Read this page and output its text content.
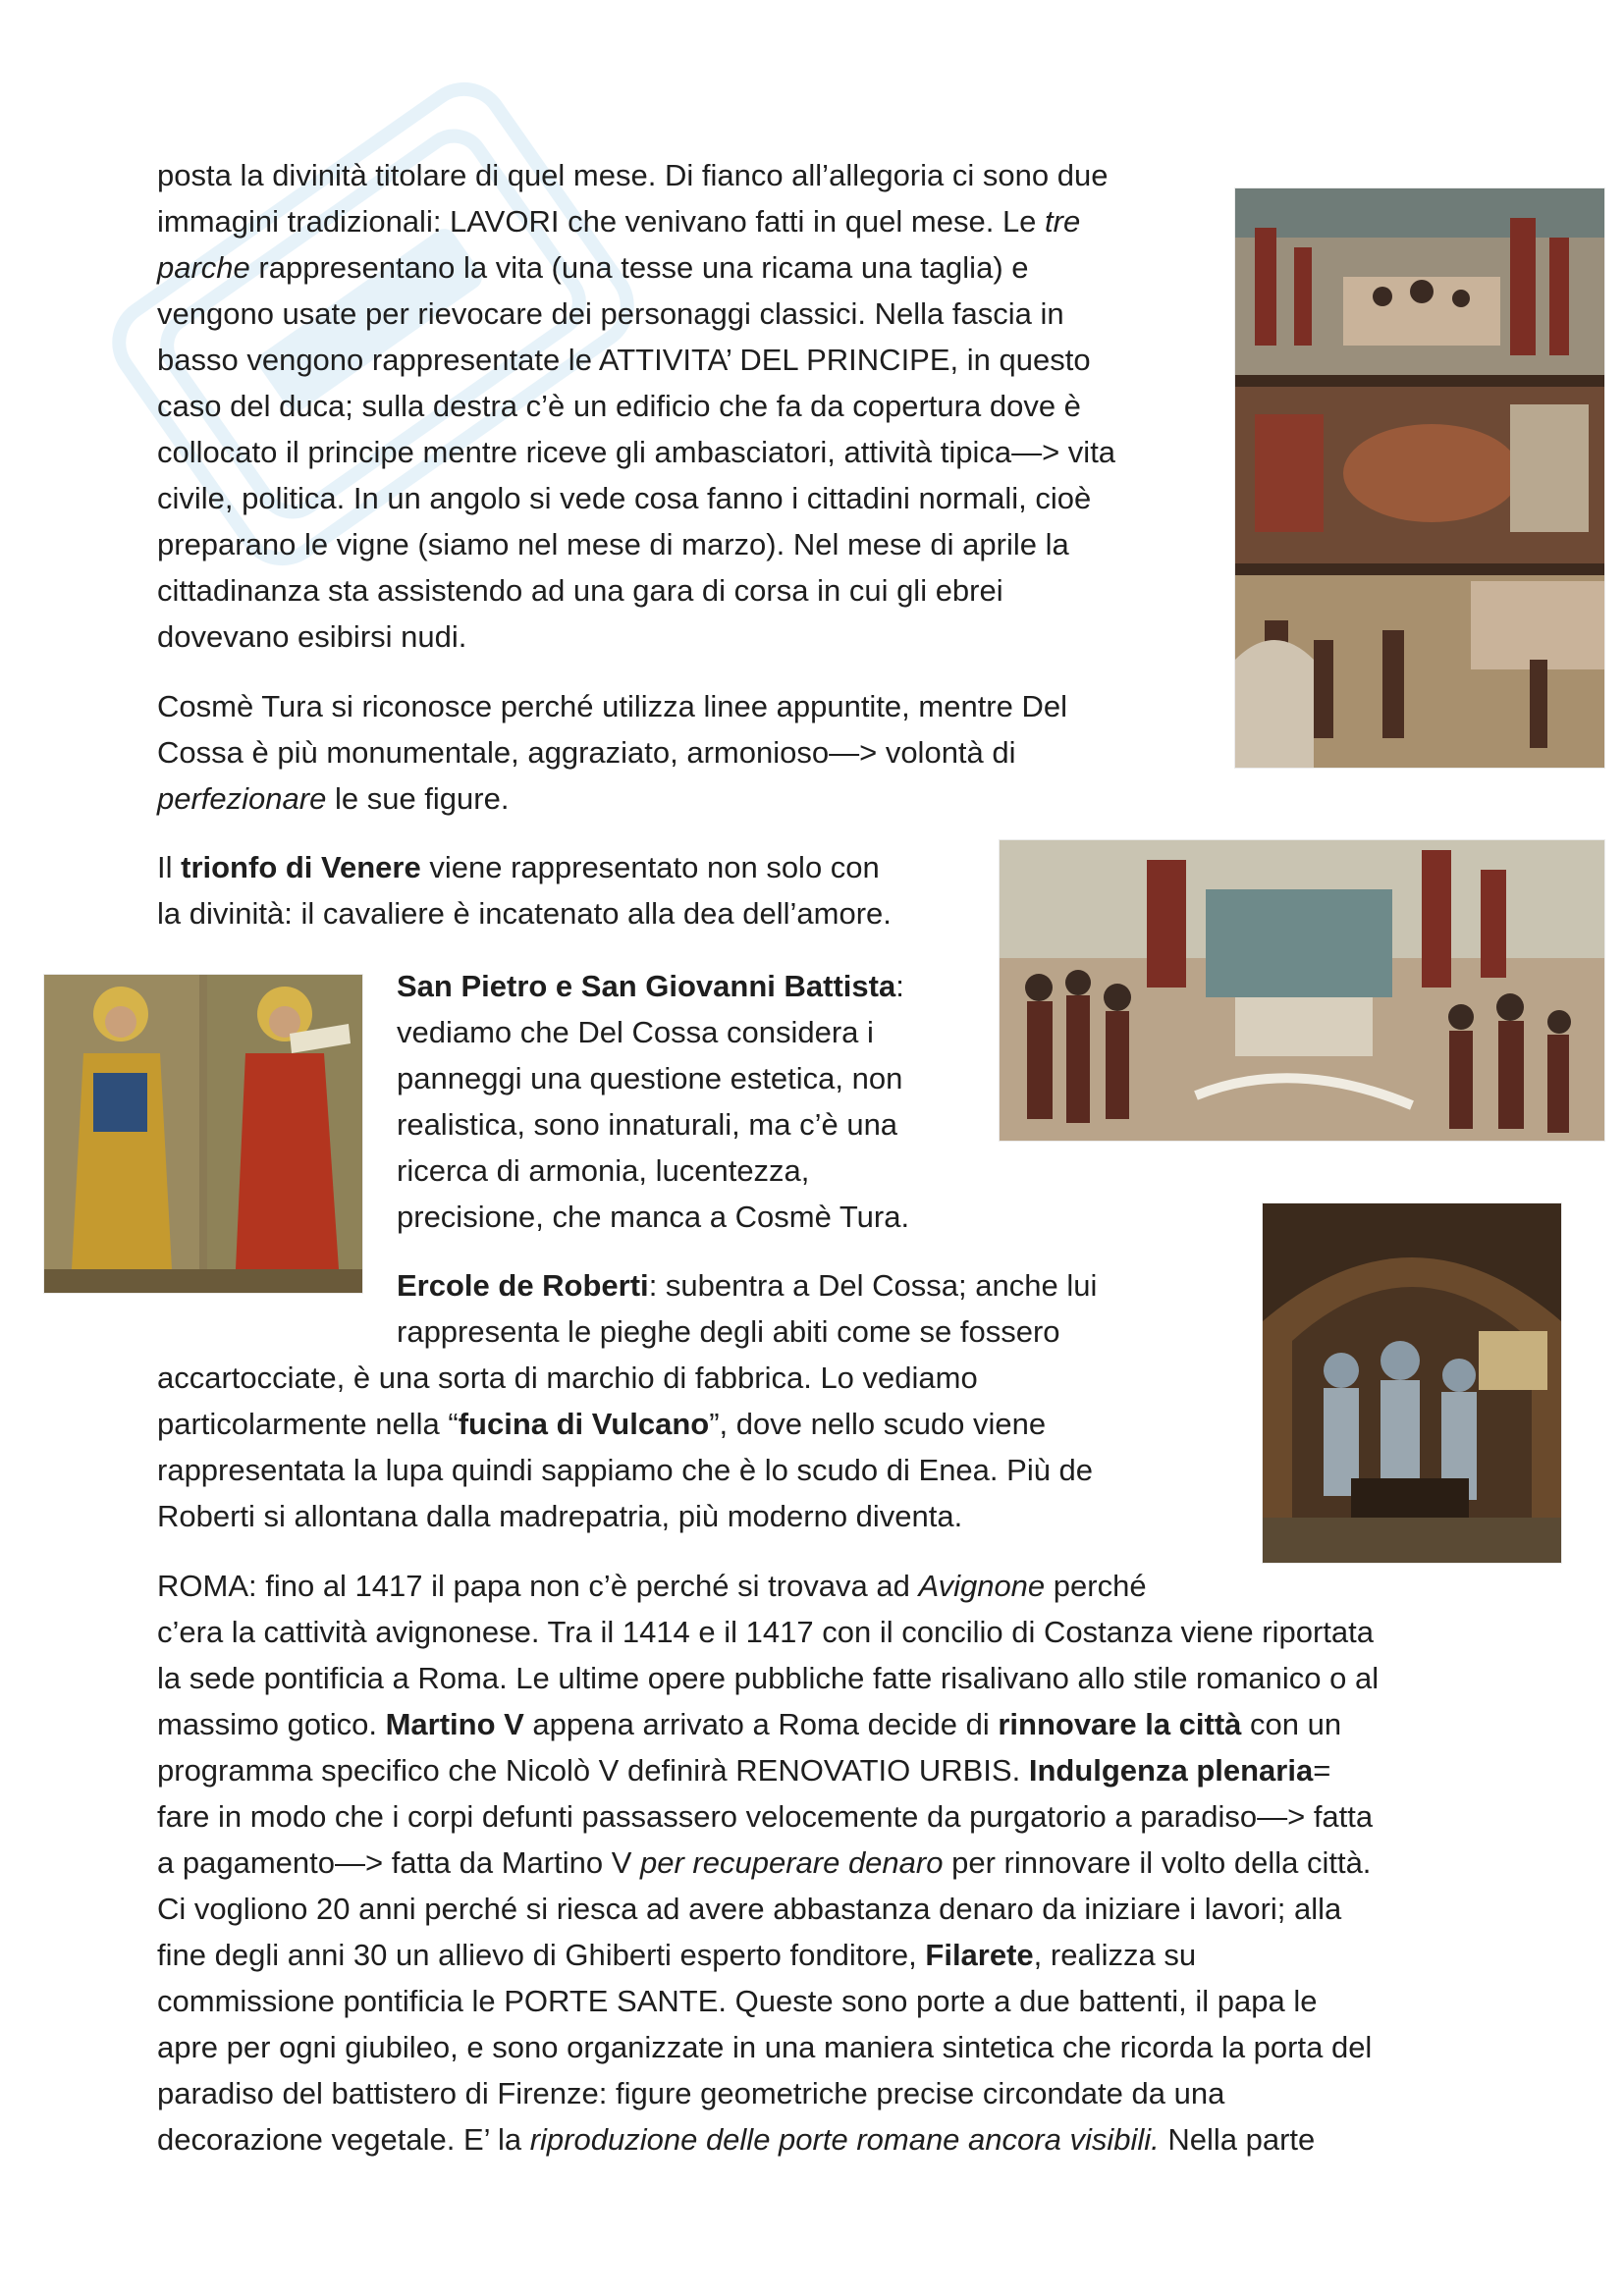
posta la divinità titolare di quel mese. Di fianco all’allegoria ci sono due
immagini tradizionali: LAVORI che venivano fatti in quel mese. Le tre
parche rappresentano la vita (una tesse una ricama una taglia) e
vengono usate per rievocare dei personaggi classici. Nella fascia in
basso vengono rappresentate le ATTIVITA’ DEL PRINCIPE, in questo
caso del duca; sulla destra c’è un edificio che fa da copertura dove è
collocato il principe mentre riceve gli ambasciatori, attività tipica—> vita
civile, politica. In un angolo si vede cosa fanno i cittadini normali, cioè
preparano le vigne (siamo nel mese di marzo). Nel mese di aprile la
cittadinanza sta assistendo ad una gara di corsa in cui gli ebrei
dovevano esibirsi nudi.
Cosmè Tura si riconosce perché utilizza linee appuntite, mentre Del
Cossa è più monumentale, aggraziato, armonioso—> volontà di
perfezionare le sue figure.
Il trionfo di Venere viene rappresentato non solo con
la divinità: il cavaliere è incatenato alla dea dell’amore.
San Pietro e San Giovanni Battista:
vediamo che Del Cossa considera i
panneggi una questione estetica, non
realistica, sono innaturali, ma c’è una
ricerca di armonia, lucentezza,
precisione, che manca a Cosmè Tura.
Ercole de Roberti: subentra a Del Cossa; anche lui
rappresenta le pieghe degli abiti come se fossero
accartocciate, è una sorta di marchio di fabbrica. Lo vediamo
particolarmente nella “fucina di Vulcano”, dove nello scudo viene
rappresentata la lupa quindi sappiamo che è lo scudo di Enea. Più de
Roberti si allontana dalla madrepatria, più moderno diventa.
ROMA: fino al 1417 il papa non c’è perché si trovava ad Avignone perché
c’era la cattività avignonese. Tra il 1414 e il 1417 con il concilio di Costanza viene riportata
la sede pontificia a Roma. Le ultime opere pubbliche fatte risalivano allo stile romanico o al
massimo gotico. Martino V appena arrivato a Roma decide di rinnovare la città con un
programma specifico che Nicolò V definirà RENOVATIO URBIS. Indulgenza plenaria=
fare in modo che i corpi defunti passassero velocemente da purgatorio a paradiso—> fatta
a pagamento—> fatta da Martino V per recuperare denaro per rinnovare il volto della città.
Ci vogliono 20 anni perché si riesca ad avere abbastanza denaro da iniziare i lavori; alla
fine degli anni 30 un allievo di Ghiberti esperto fonditore, Filarete, realizza su
commissione pontificia le PORTE SANTE. Queste sono porte a due battenti, il papa le
apre per ogni giubileo, e sono organizzate in una maniera sintetica che ricorda la porta del
paradiso del battistero di Firenze: figure geometriche precise circondate da una
decorazione vegetale. E’ la riproduzione delle porte romane ancora visibili. Nella parte
